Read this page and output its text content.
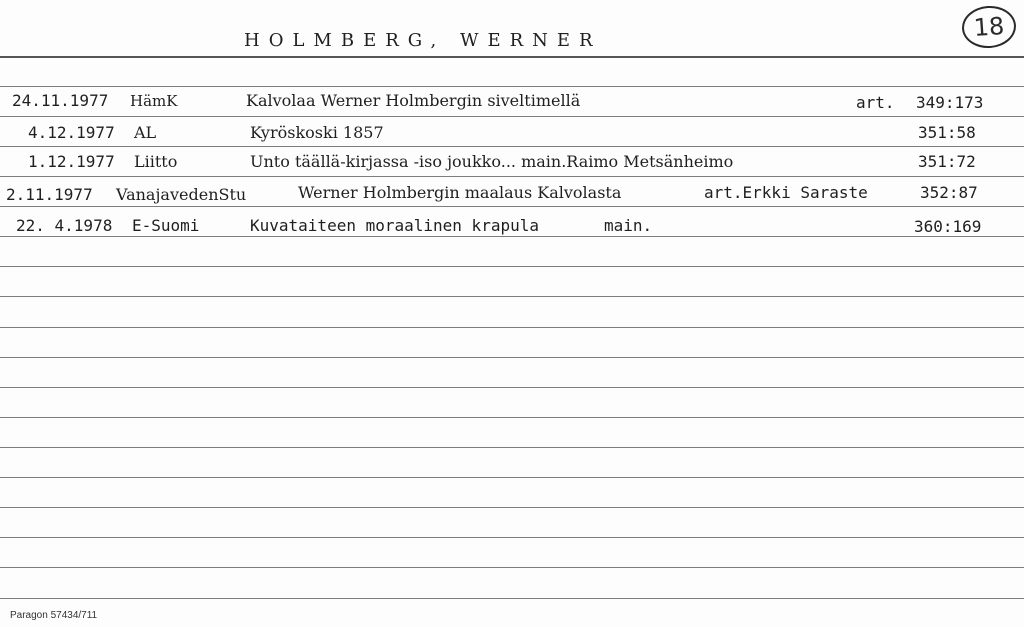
HOLMBERG, WERNER	18
24.11.1977 HämK	Kalvolaa Werner Holmbergin siveltimellä	art. 349:173
4.12.1977 AL	Kyröskoski 1857	351:58
1.12.1977 Liitto	Unto täällä-kirjassa -iso joukko... main.Raimo Metsänheimo	351:72
2.11.1977 VanajavedenStu	Werner Holmbergin maalaus Kalvolasta	art.Erkki Saraste	352:87
22. 4.1978 E-Suomi	Kuvataiteen moraalinen krapula	main.	360:169
Paragon 57434/711
